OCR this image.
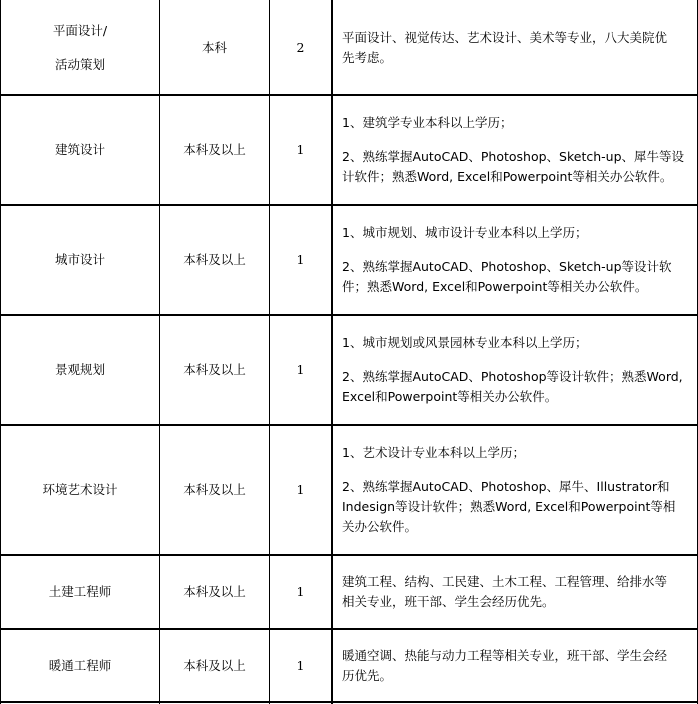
平面设计/
活动策划
本科	2

平面设计、视觉传达、艺术设计、美术等专业，八大美院优
先考虑。

建筑设计	本科及以上	1

1、建筑学专业本科以上学历；

2、熟练掌握AutoCAD、Photoshop、Sketch-up、犀牛等设
计软件；熟悉Word, Excel和Powerpoint等相关办公软件。

城市设计	本科及以上	1

1、城市规划、城市设计专业本科以上学历；

2、熟练掌握AutoCAD、Photoshop、Sketch-up等设计软
件；熟悉Word, Excel和Powerpoint等相关办公软件。

景观规划	本科及以上	1

1、城市规划或风景园林专业本科以上学历；

2、熟练掌握AutoCAD、Photoshop等设计软件；熟悉Word,
Excel和Powerpoint等相关办公软件。

环境艺术设计	本科及以上	1

1、艺术设计专业本科以上学历；

2、熟练掌握AutoCAD、Photoshop、犀牛、Illustrator和
Indesign等设计软件；熟悉Word, Excel和Powerpoint等相
关办公软件。

土建工程师	本科及以上	1

建筑工程、结构、工民建、土木工程、工程管理、给排水等
相关专业，班干部、学生会经历优先。

暖通工程师	本科及以上	1

暖通空调、热能与动力工程等相关专业，班干部、学生会经
历优先。
